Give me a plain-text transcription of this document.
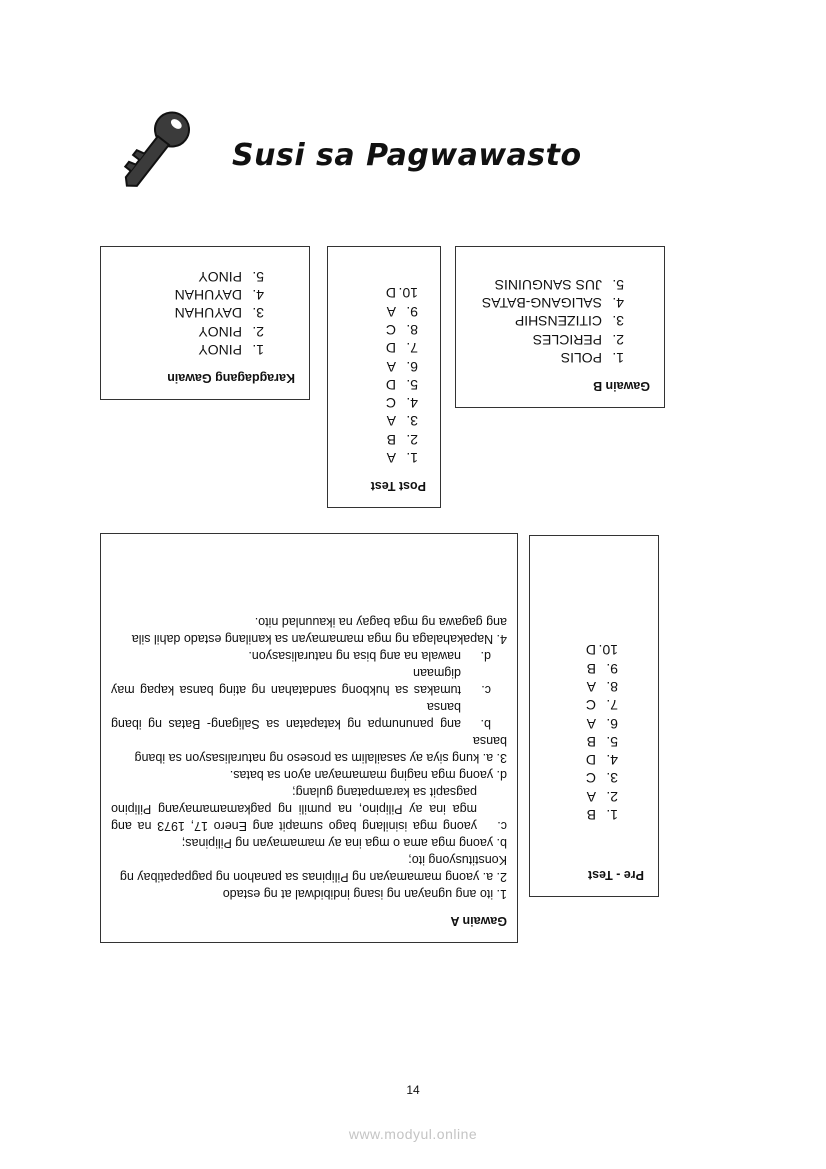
Susi sa Pagwawasto
Karagdagang Gawain
1.PINOY
2.PINOY
3.DAYUHAN
4.DAYUHAN
5.PINOY
Post Test
1.A
2.B
3.A
4.C
5.D
6.A
7.D
8.C
9.A
10.D
Gawain B
1.POLIS
2.PERICLES
3.CITIZENSHIP
4.SALIGANG-BATAS
5.JUS SANGUINIS
Gawain A

1. ito ang ugnayan ng isang indibidwal at ng estado

2. a. yaong mamamayan ng Pilipinas sa panahon ng pagpapatibay ng Konstitusyong ito;

b. yaong mga ama o mga ina ay mamamayan ng Pilipinas;

c.
yaong mga isinilang bago sumapit ang Enero 17, 1973 na ang mga ina ay Pilipino, na pumili ng pagkamamamayang Pilipino pagsapit sa karampatang gulang;

d. yaong mga naging mamamayan ayon sa batas.

3. a. kung siya ay sasailalim sa proseso ng naturalisasyon sa ibang bansa

b.
ang panunumpa ng katapatan sa Saligang- Batas ng ibang bansa
c.
tumakas sa hukbong sandatahan ng ating bansa kapag may digmaan
d.
nawala na ang bisa ng naturalisasyon.

4. Napakahalaga ng mga mamamayan sa kanilang estado dahil sila ang gagawa ng mga bagay na ikauunlad nito.

Pre - Test
1.B
2.A
3.C
4.D
5.B
6.A
7.C
8.A
9.B
10.D
14
www.modyul.online
